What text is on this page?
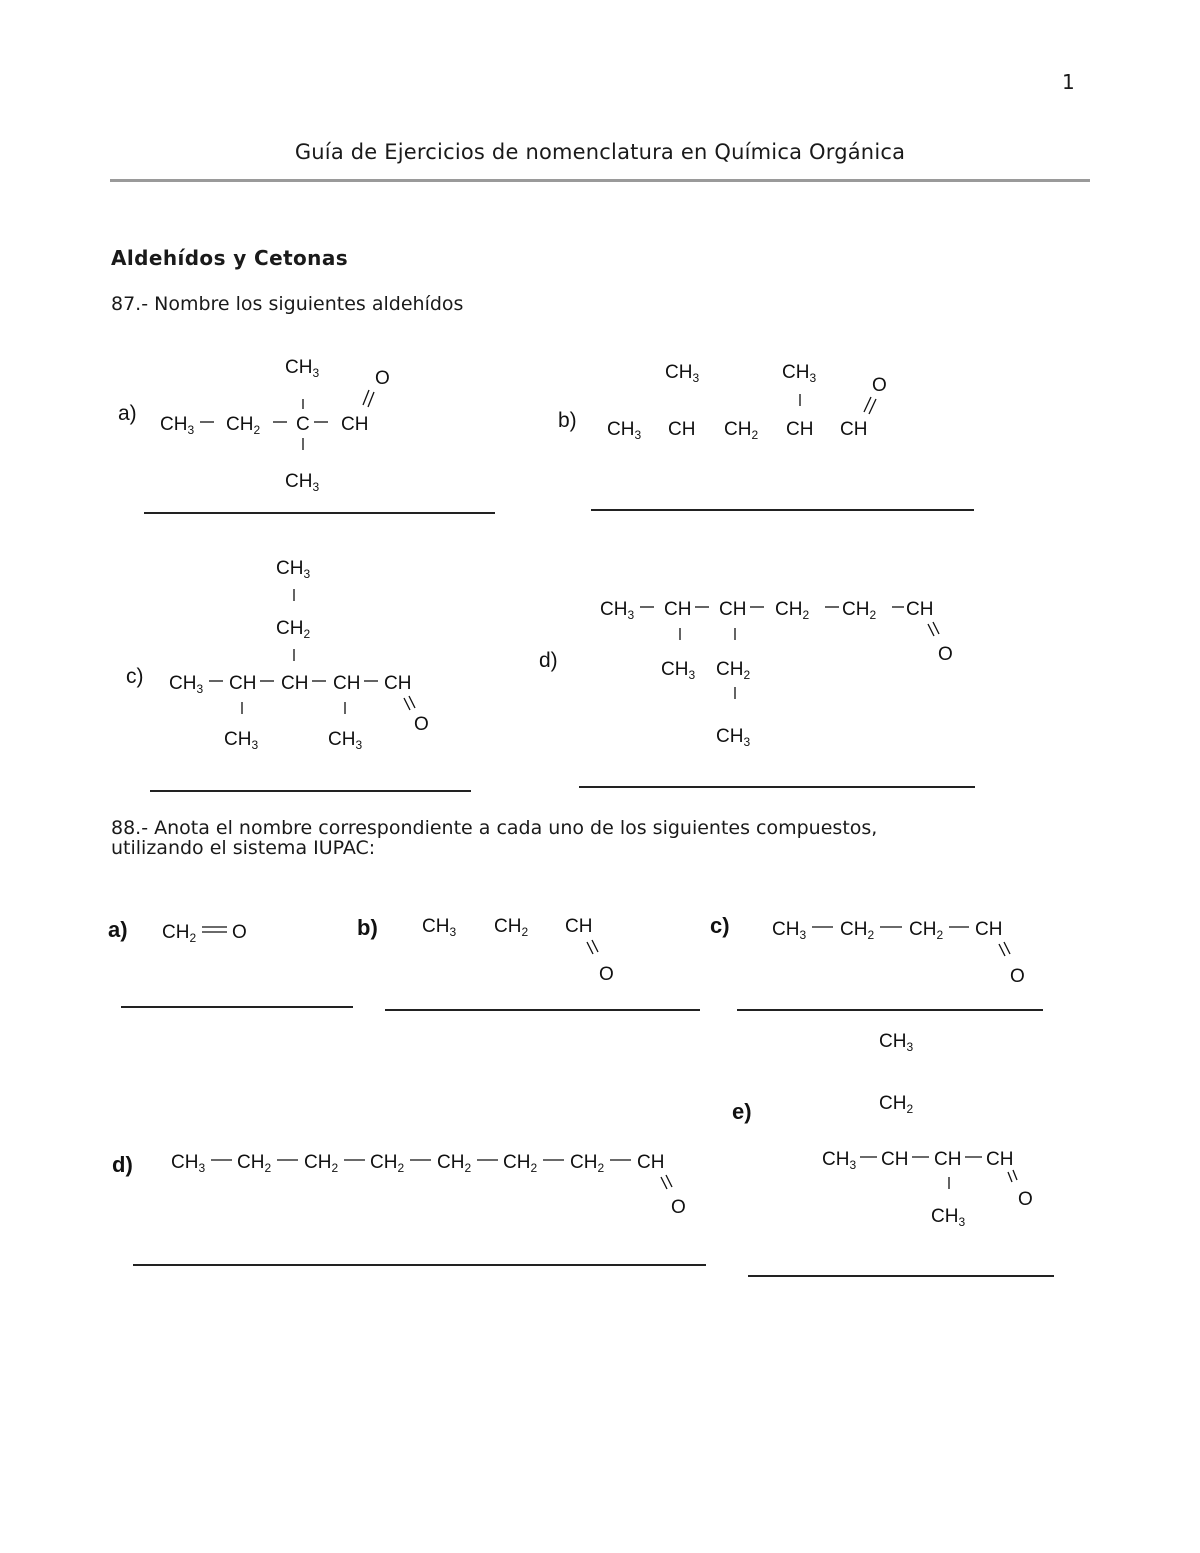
1
Guía de Ejercicios de nomenclatura en Química Orgánica
Aldehídos y Cetonas
87.- Nombre los siguientes aldehídos
a)
$CH_3$	O
$CH_3$ $CH_2$ C CH
$CH_3$
b)
$CH_3$	$CH_3$	O
$CH_3$ CH $CH_2$ CH CH
c)
$CH_3$
$CH_2$
$CH_3$ CH CH CH CH
O
$CH_3$	$CH_3$
d)
$CH_3$ CH CH $CH_2$ $CH_2$ CH
O
$CH_3$ $CH_2$
$CH_3$
88.- Anota el nombre correspondiente a cada uno de los siguientes compuestos,
utilizando el sistema IUPAC:
a) $CH_2$ O	b) $CH_3$ $CH_2$ CH
O
c) $CH_3$ $CH_2$ $CH_2$ CH
O
d) $CH_3$ $CH_2$ $CH_2$ $CH_2$ $CH_2$ $CH_2$ $CH_2$ CH
O
e)
$CH_3$
$CH_2$
$CH_3$ CH CH CH
O
$CH_3$
